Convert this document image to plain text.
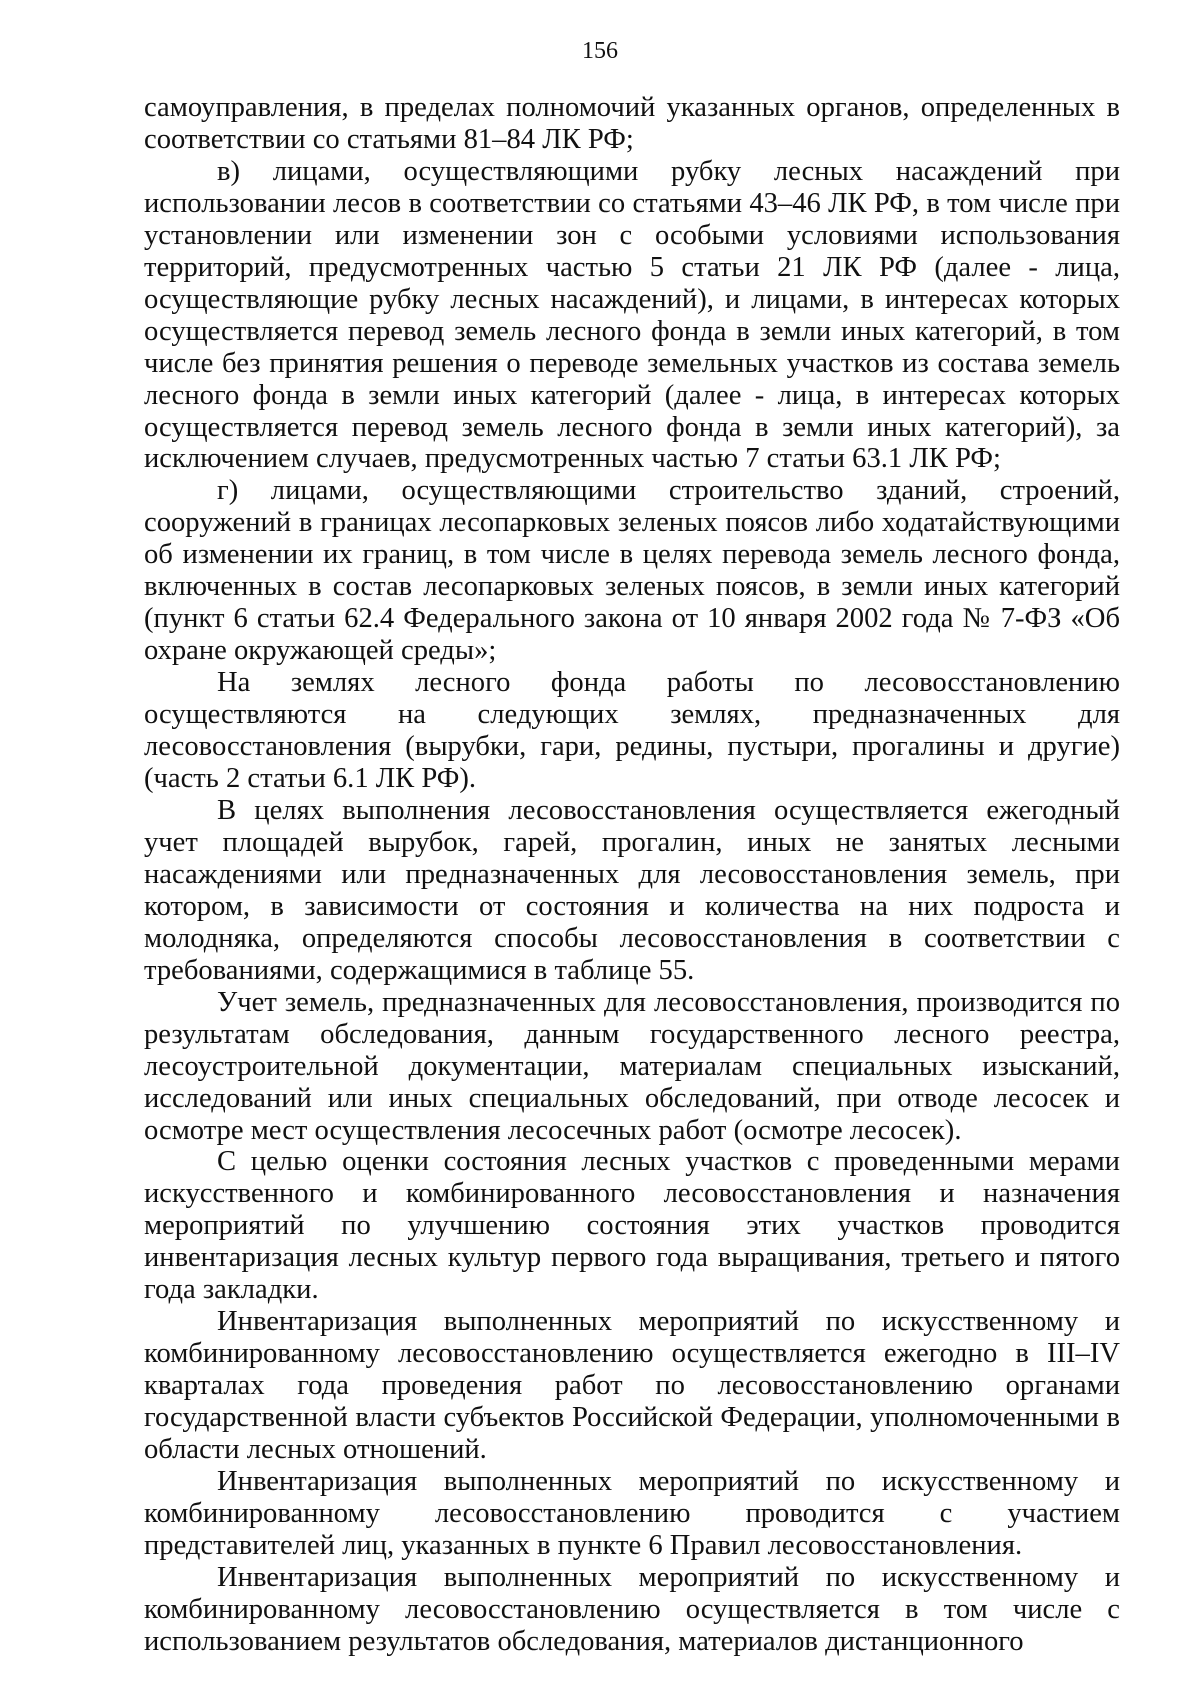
156

самоуправления, в пределах полномочий указанных органов, определенных в соответствии со статьями 81–84 ЛК РФ;

в) лицами, осуществляющими рубку лесных насаждений при использовании лесов в соответствии со статьями 43–46 ЛК РФ, в том числе при установлении или изменении зон с особыми условиями использования территорий, предусмотренных частью 5 статьи 21 ЛК РФ (далее - лица, осуществляющие рубку лесных насаждений), и лицами, в интересах которых осуществляется перевод земель лесного фонда в земли иных категорий, в том числе без принятия решения о переводе земельных участков из состава земель лесного фонда в земли иных категорий (далее - лица, в интересах которых осуществляется перевод земель лесного фонда в земли иных категорий), за исключением случаев, предусмотренных частью 7 статьи 63.1 ЛК РФ;

г) лицами, осуществляющими строительство зданий, строений, сооружений в границах лесопарковых зеленых поясов либо ходатайствующими об изменении их границ, в том числе в целях перевода земель лесного фонда, включенных в состав лесопарковых зеленых поясов, в земли иных категорий (пункт 6 статьи 62.4 Федерального закона от 10 января 2002 года № 7-ФЗ «Об охране окружающей среды»;

На землях лесного фонда работы по лесовосстановлению осуществляются на следующих землях, предназначенных для лесовосстановления (вырубки, гари, редины, пустыри, прогалины и другие) (часть 2 статьи 6.1 ЛК РФ).

В целях выполнения лесовосстановления осуществляется ежегодный учет площадей вырубок, гарей, прогалин, иных не занятых лесными насаждениями или предназначенных для лесовосстановления земель, при котором, в зависимости от состояния и количества на них подроста и молодняка, определяются способы лесовосстановления в соответствии с требованиями, содержащимися в таблице 55.

Учет земель, предназначенных для лесовосстановления, производится по результатам обследования, данным государственного лесного реестра, лесоустроительной документации, материалам специальных изысканий, исследований или иных специальных обследований, при отводе лесосек и осмотре мест осуществления лесосечных работ (осмотре лесосек).

С целью оценки состояния лесных участков с проведенными мерами искусственного и комбинированного лесовосстановления и назначения мероприятий по улучшению состояния этих участков проводится инвентаризация лесных культур первого года выращивания, третьего и пятого года закладки.

Инвентаризация выполненных мероприятий по искусственному и комбинированному лесовосстановлению осуществляется ежегодно в III–IV кварталах года проведения работ по лесовосстановлению органами государственной власти субъектов Российской Федерации, уполномоченными в области лесных отношений.

Инвентаризация выполненных мероприятий по искусственному и комбинированному лесовосстановлению проводится с участием представителей лиц, указанных в пункте 6 Правил лесовосстановления.

Инвентаризация выполненных мероприятий по искусственному и комбинированному лесовосстановлению осуществляется в том числе с использованием результатов обследования, материалов дистанционного
